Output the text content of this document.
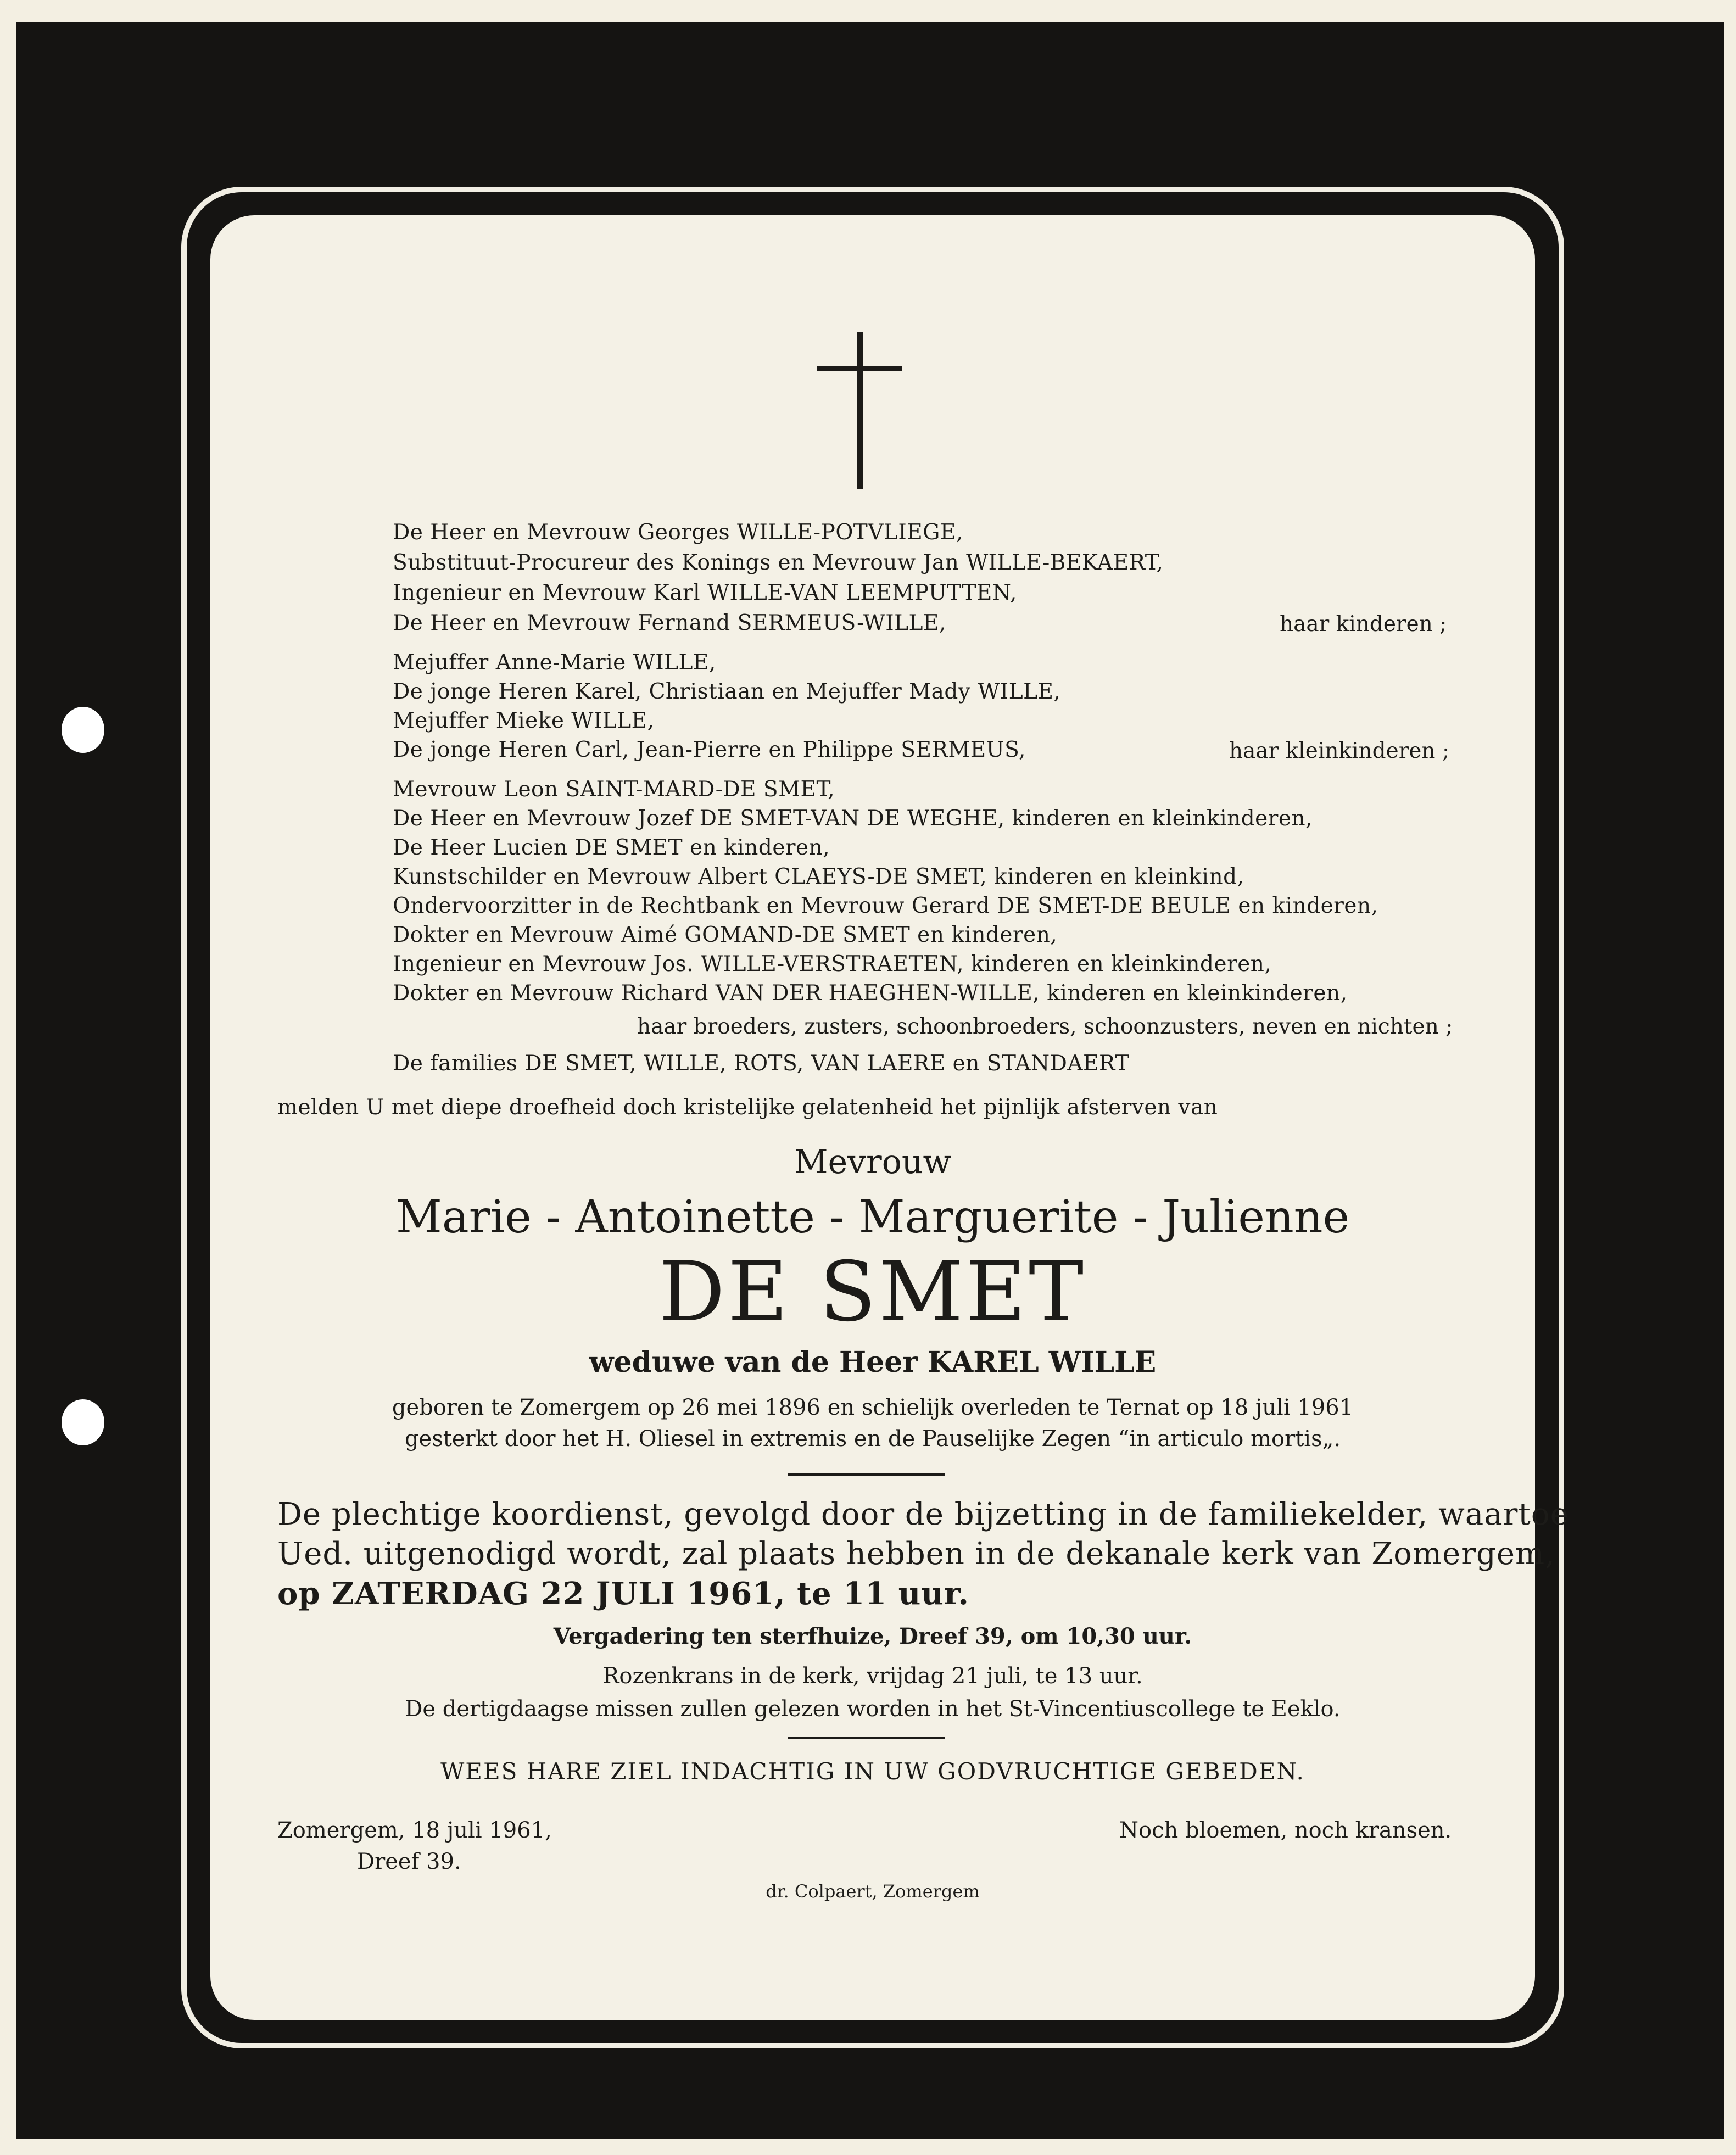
De Heer en Mevrouw Georges WILLE-POTVLIEGE,
Substituut-Procureur des Konings en Mevrouw Jan WILLE-BEKAERT,
Ingenieur en Mevrouw Karl WILLE-VAN LEEMPUTTEN,
De Heer en Mevrouw Fernand SERMEUS-WILLE,	haar kinderen ;
Mejuffer Anne-Marie WILLE,
De jonge Heren Karel, Christiaan en Mejuffer Mady WILLE,
Mejuffer Mieke WILLE,
De jonge Heren Carl, Jean-Pierre en Philippe SERMEUS,	haar kleinkinderen ;
Mevrouw Leon SAINT-MARD-DE SMET,
De Heer en Mevrouw Jozef DE SMET-VAN DE WEGHE, kinderen en kleinkinderen,
De Heer Lucien DE SMET en kinderen,
Kunstschilder en Mevrouw Albert CLAEYS-DE SMET, kinderen en kleinkind,
Ondervoorzitter in de Rechtbank en Mevrouw Gerard DE SMET-DE BEULE en kinderen,
Dokter en Mevrouw Aimé GOMAND-DE SMET en kinderen,
Ingenieur en Mevrouw Jos. WILLE-VERSTRAETEN, kinderen en kleinkinderen,
Dokter en Mevrouw Richard VAN DER HAEGHEN-WILLE, kinderen en kleinkinderen,
haar broeders, zusters, schoonbroeders, schoonzusters, neven en nichten ;
De families DE SMET, WILLE, ROTS, VAN LAERE en STANDAERT
melden U met diepe droefheid doch kristelijke gelatenheid het pijnlijk afsterven van
Mevrouw
Marie - Antoinette - Marguerite - Julienne
DE SMET
weduwe van de Heer KAREL WILLE
geboren te Zomergem op 26 mei 1896 en schielijk overleden te Ternat op 18 juli 1961
gesterkt door het H. Oliesel in extremis en de Pauselijke Zegen “in articulo mortis„.
De plechtige koordienst, gevolgd door de bijzetting in de familiekelder, waartoe
Ued. uitgenodigd wordt, zal plaats hebben in de dekanale kerk van Zomergem,
op ZATERDAG 22 JULI 1961, te 11 uur.
Vergadering ten sterfhuize, Dreef 39, om 10,30 uur.
Rozenkrans in de kerk, vrijdag 21 juli, te 13 uur.
De dertigdaagse missen zullen gelezen worden in het St-Vincentiuscollege te Eeklo.
WEES HARE ZIEL INDACHTIG IN UW GODVRUCHTIGE GEBEDEN.
Zomergem, 18 juli 1961,
Dreef 39.
Noch bloemen, noch kransen.
dr. Colpaert, Zomergem
